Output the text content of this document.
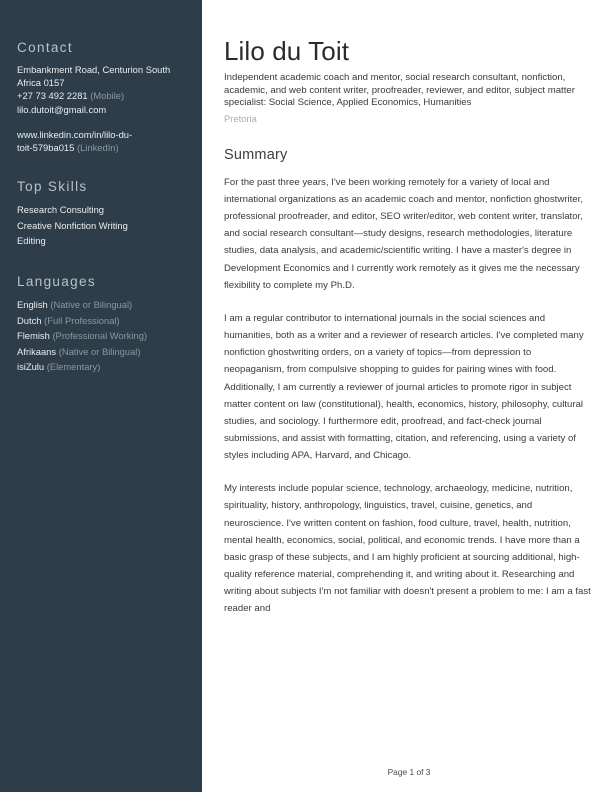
Contact
Embankment Road, Centurion South
Africa 0157
+27 73 492 2281 (Mobile)
lilo.dutoit@gmail.com
www.linkedin.com/in/lilo-du-
toit-579ba015 (LinkedIn)
Top Skills
Research Consulting
Creative Nonfiction Writing
Editing
Languages
English (Native or Bilingual)
Dutch (Full Professional)
Flemish (Professional Working)
Afrikaans (Native or Bilingual)
isiZulu (Elementary)
Lilo du Toit
Independent academic coach and mentor, social research consultant, nonfiction, academic, and web content writer, proofreader, reviewer, and editor, subject matter specialist: Social Science, Applied Economics, Humanities
Pretoria
Summary

For the past three years, I've been working remotely for a variety of local and international organizations as an academic coach and mentor, nonfiction ghostwriter, professional proofreader, and editor, SEO writer/editor, web content writer, translator, and social research consultant—study designs, research methodologies, literature studies, data analysis, and academic/scientific writing. I have a master's degree in Development Economics and I currently work remotely as it gives me the necessary flexibility to complete my Ph.D.

I am a regular contributor to international journals in the social sciences and humanities, both as a writer and a reviewer of research articles. I've completed many nonfiction ghostwriting orders, on a variety of topics—from depression to neopaganism, from compulsive shopping to guides for pairing wines with food. Additionally, I am currently a reviewer of journal articles to promote rigor in subject matter content on law (constitutional), health, economics, history, philosophy, cultural studies, and sociology. I furthermore edit, proofread, and fact-check journal submissions, and assist with formatting, citation, and referencing, using a variety of styles including APA, Harvard, and Chicago.

My interests include popular science, technology, archaeology, medicine, nutrition, spirituality, history, anthropology, linguistics, travel, cuisine, genetics, and neuroscience. I've written content on fashion, food culture, travel, health, nutrition, mental health, economics, social, political, and economic trends. I have more than a basic grasp of these subjects, and I am highly proficient at sourcing additional, high-quality reference material, comprehending it, and writing about it. Researching and writing about subjects I'm not familiar with doesn't present a problem to me: I am a fast reader and

Page 1 of 3
